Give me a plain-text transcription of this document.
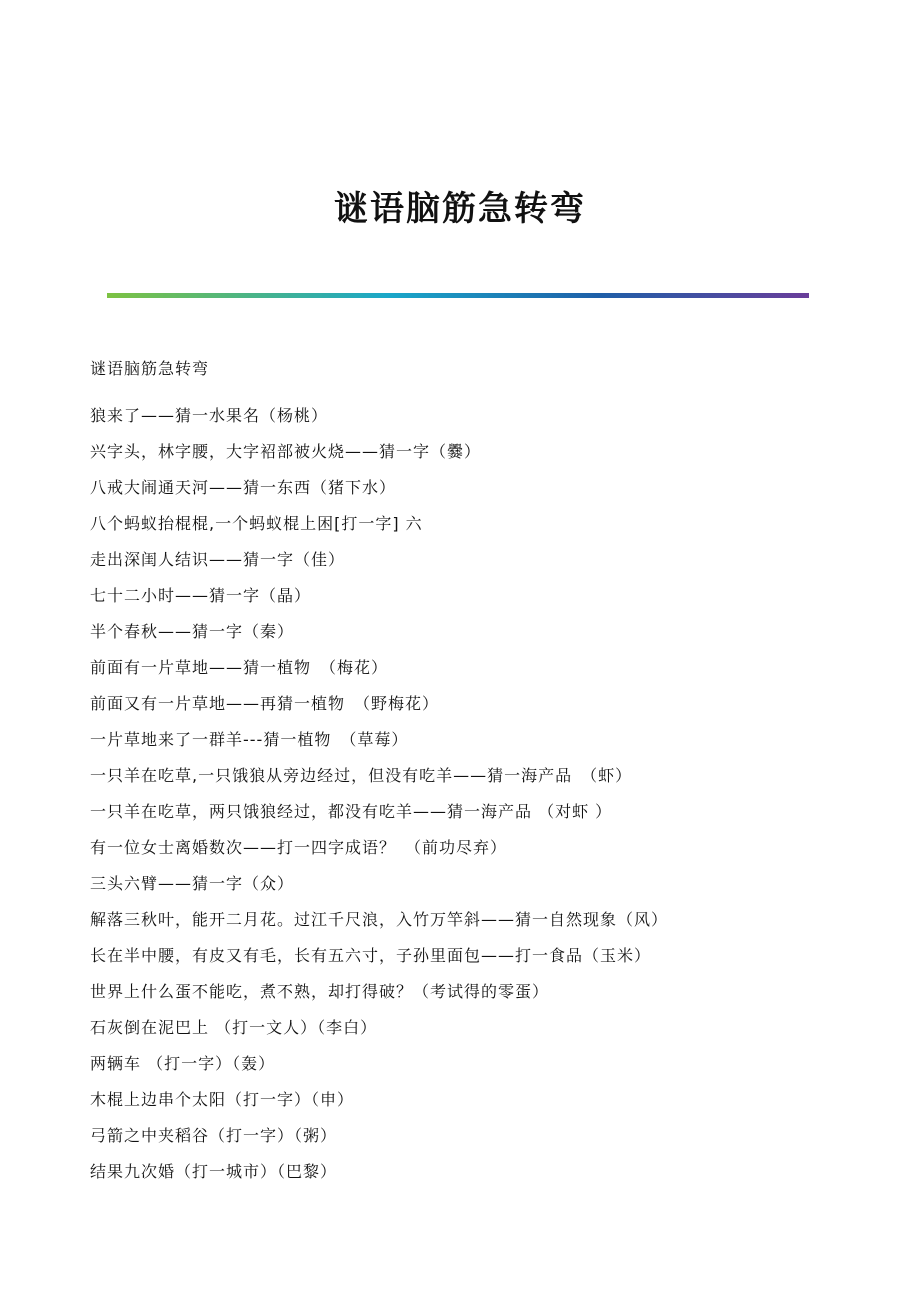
谜语脑筋急转弯

谜语脑筋急转弯

狼来了——猜一水果名（杨桃）
兴字头，林字腰，大字袑部被火烧——猜一字（爨）
八戒大闹通天河——猜一东西（猪下水）
八个蚂蚁抬棍棍,一个蚂蚁棍上困[打一字] 六
走出深闺人结识——猜一字（佳）
七十二小时——猜一字（晶）
半个春秋——猜一字（秦）
前面有一片草地——猜一植物　（梅花）
前面又有一片草地——再猜一植物　（野梅花）
一片草地来了一群羊---猜一植物　（草莓）
一只羊在吃草,一只饿狼从旁边经过，但没有吃羊——猜一海产品　（虾）
一只羊在吃草，两只饿狼经过，都没有吃羊——猜一海产品 （对虾 ）
有一位女士离婚数次——打一四字成语？　（前功尽弃）
三头六臂——猜一字（众）
解落三秋叶，能开二月花。过江千尺浪，入竹万竿斜——猜一自然现象（风）
长在半中腰，有皮又有毛，长有五六寸，子孙里面包——打一食品（玉米）
世界上什么蛋不能吃，煮不熟，却打得破？（考试得的零蛋）
石灰倒在泥巴上 （打一文人）（李白）
两辆车 （打一字）（轰）
木棍上边串个太阳（打一字）（申）
弓箭之中夹稻谷（打一字）（粥）
结果九次婚（打一城市）（巴黎）
